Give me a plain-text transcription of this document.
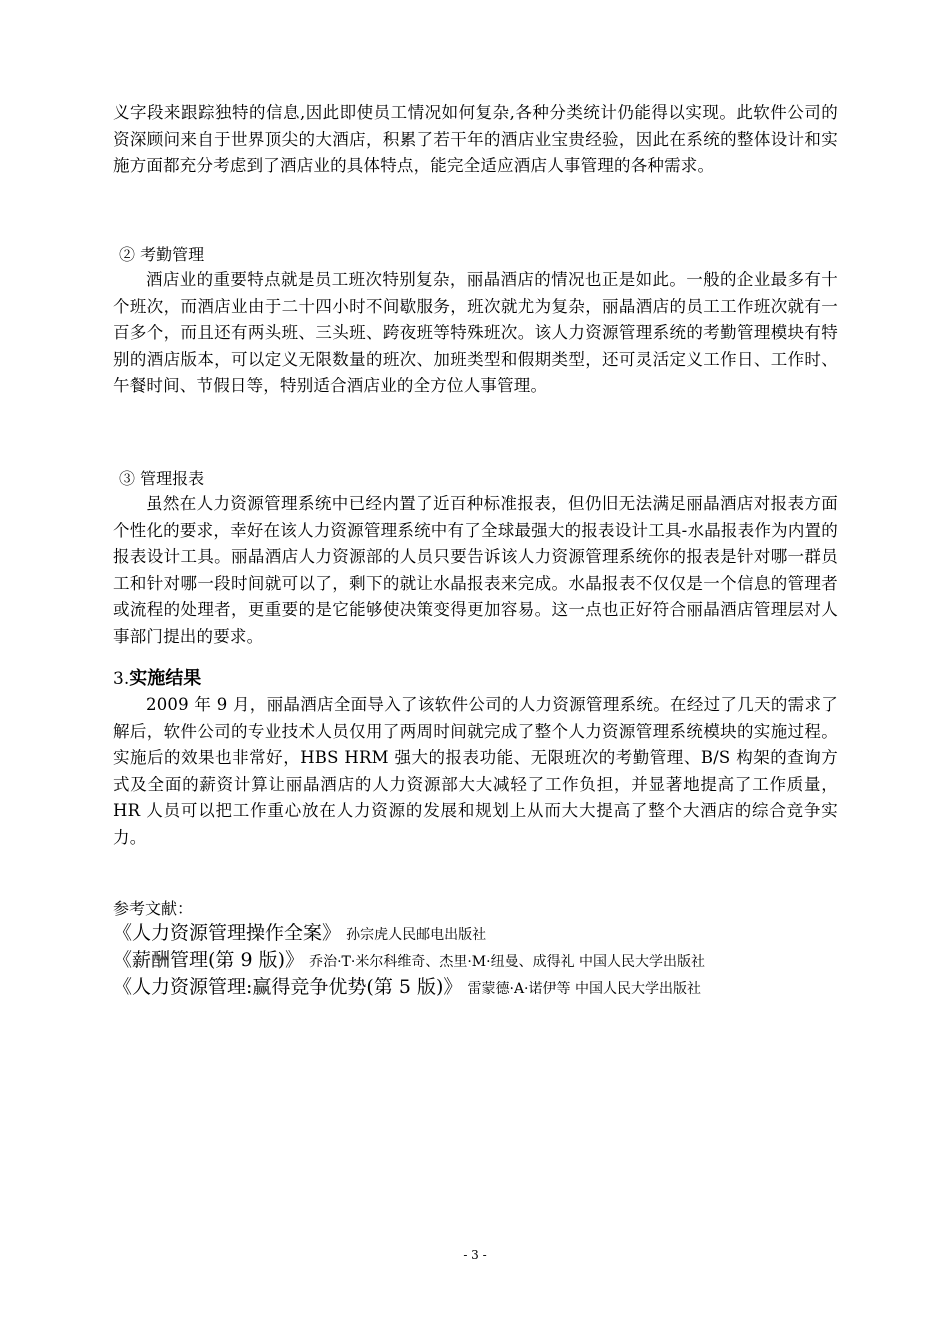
义字段来跟踪独特的信息,因此即使员工情况如何复杂,各种分类统计仍能得以实现。此软件公司的资深顾问来自于世界顶尖的大酒店，积累了若干年的酒店业宝贵经验，因此在系统的整体设计和实施方面都充分考虑到了酒店业的具体特点，能完全适应酒店人事管理的各种需求。

② 考勤管理

酒店业的重要特点就是员工班次特别复杂，丽晶酒店的情况也正是如此。一般的企业最多有十个班次，而酒店业由于二十四小时不间歇服务，班次就尤为复杂，丽晶酒店的员工工作班次就有一百多个，而且还有两头班、三头班、跨夜班等特殊班次。该人力资源管理系统的考勤管理模块有特别的酒店版本，可以定义无限数量的班次、加班类型和假期类型，还可灵活定义工作日、工作时、午餐时间、节假日等，特别适合酒店业的全方位人事管理。

③ 管理报表

虽然在人力资源管理系统中已经内置了近百种标准报表，但仍旧无法满足丽晶酒店对报表方面个性化的要求，幸好在该人力资源管理系统中有了全球最强大的报表设计工具-水晶报表作为内置的报表设计工具。丽晶酒店人力资源部的人员只要告诉该人力资源管理系统你的报表是针对哪一群员工和针对哪一段时间就可以了，剩下的就让水晶报表来完成。水晶报表不仅仅是一个信息的管理者或流程的处理者，更重要的是它能够使决策变得更加容易。这一点也正好符合丽晶酒店管理层对人事部门提出的要求。

3.实施结果

2009 年 9 月，丽晶酒店全面导入了该软件公司的人力资源管理系统。在经过了几天的需求了解后，软件公司的专业技术人员仅用了两周时间就完成了整个人力资源管理系统模块的实施过程。实施后的效果也非常好，HBS HRM 强大的报表功能、无限班次的考勤管理、B/S 构架的查询方式及全面的薪资计算让丽晶酒店的人力资源部大大减轻了工作负担，并显著地提高了工作质量，HR 人员可以把工作重心放在人力资源的发展和规划上从而大大提高了整个大酒店的综合竞争实力。

参考文献：

《人力资源管理操作全案》 孙宗虎人民邮电出版社

《薪酬管理(第 9 版)》 乔治·T·米尔科维奇、杰里·M·纽曼、成得礼 中国人民大学出版社

《人力资源管理:赢得竞争优势(第 5 版)》 雷蒙德·A·诺伊等 中国人民大学出版社

- 3 -
